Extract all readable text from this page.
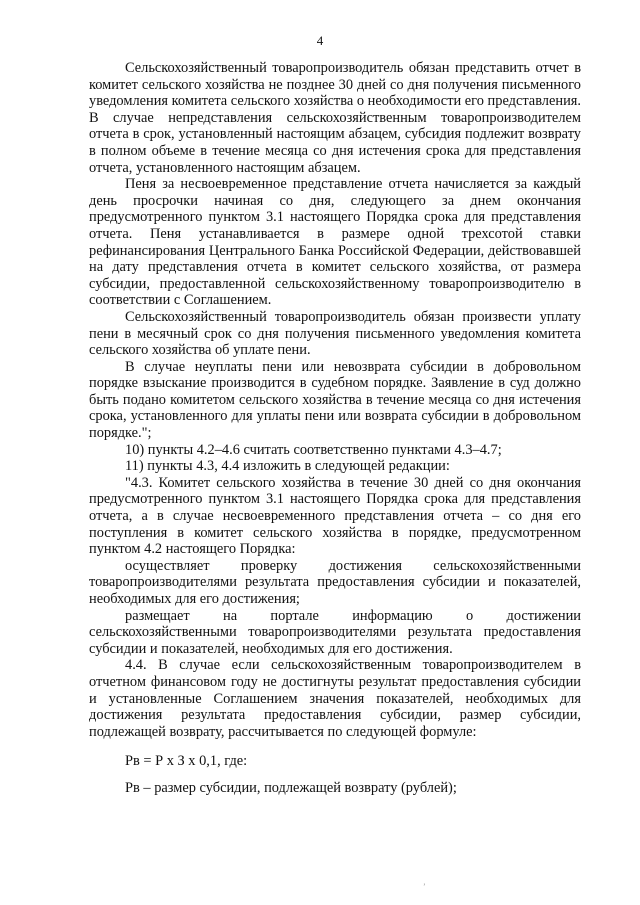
4

Сельскохозяйственный товаропроизводитель обязан представить отчет в комитет сельского хозяйства не позднее 30 дней со дня получения письменного уведомления комитета сельского хозяйства о необходимости его представления. В случае непредставления сельскохозяйственным товаропроизводителем отчета в срок, установленный настоящим абзацем, субсидия подлежит возврату в полном объеме в течение месяца со дня истечения срока для представления отчета, установленного настоящим абзацем.

Пеня за несвоевременное представление отчета начисляется за каждый день просрочки начиная со дня, следующего за днем окончания предусмотренного пунктом 3.1 настоящего Порядка срока для представления отчета. Пеня устанавливается в размере одной трехсотой ставки рефинансирования Центрального Банка Российской Федерации, действовавшей на дату представления отчета в комитет сельского хозяйства, от размера субсидии, предоставленной сельскохозяйственному товаропроизводителю в соответствии с Соглашением.

Сельскохозяйственный товаропроизводитель обязан произвести уплату пени в месячный срок со дня получения письменного уведомления комитета сельского хозяйства об уплате пени.

В случае неуплаты пени или невозврата субсидии в добровольном порядке взыскание производится в судебном порядке. Заявление в суд должно быть подано комитетом сельского хозяйства в течение месяца со дня истечения срока, установленного для уплаты пени или возврата субсидии в добровольном порядке.";

10) пункты 4.2–4.6 считать соответственно пунктами 4.3–4.7;

11) пункты 4.3, 4.4 изложить в следующей редакции:

"4.3. Комитет сельского хозяйства в течение 30 дней со дня окончания предусмотренного пунктом 3.1 настоящего Порядка срока для представления отчета, а в случае несвоевременного представления отчета – со дня его поступления в комитет сельского хозяйства в порядке, предусмотренном пунктом 4.2 настоящего Порядка:

осуществляет проверку достижения сельскохозяйственными товаропроизводителями результата предоставления субсидии и показателей, необходимых для его достижения;

размещает на портале информацию о достижении сельскохозяйственными товаропроизводителями результата предоставления субсидии и показателей, необходимых для его достижения.

4.4. В случае если сельскохозяйственным товаропроизводителем в отчетном финансовом году не достигнуты результат предоставления субсидии и установленные Соглашением значения показателей, необходимых для достижения результата предоставления субсидии, размер субсидии, подлежащей возврату, рассчитывается по следующей формуле:

Рв = Р x З x 0,1, где:

Рв – размер субсидии, подлежащей возврату (рублей);

ʼ
